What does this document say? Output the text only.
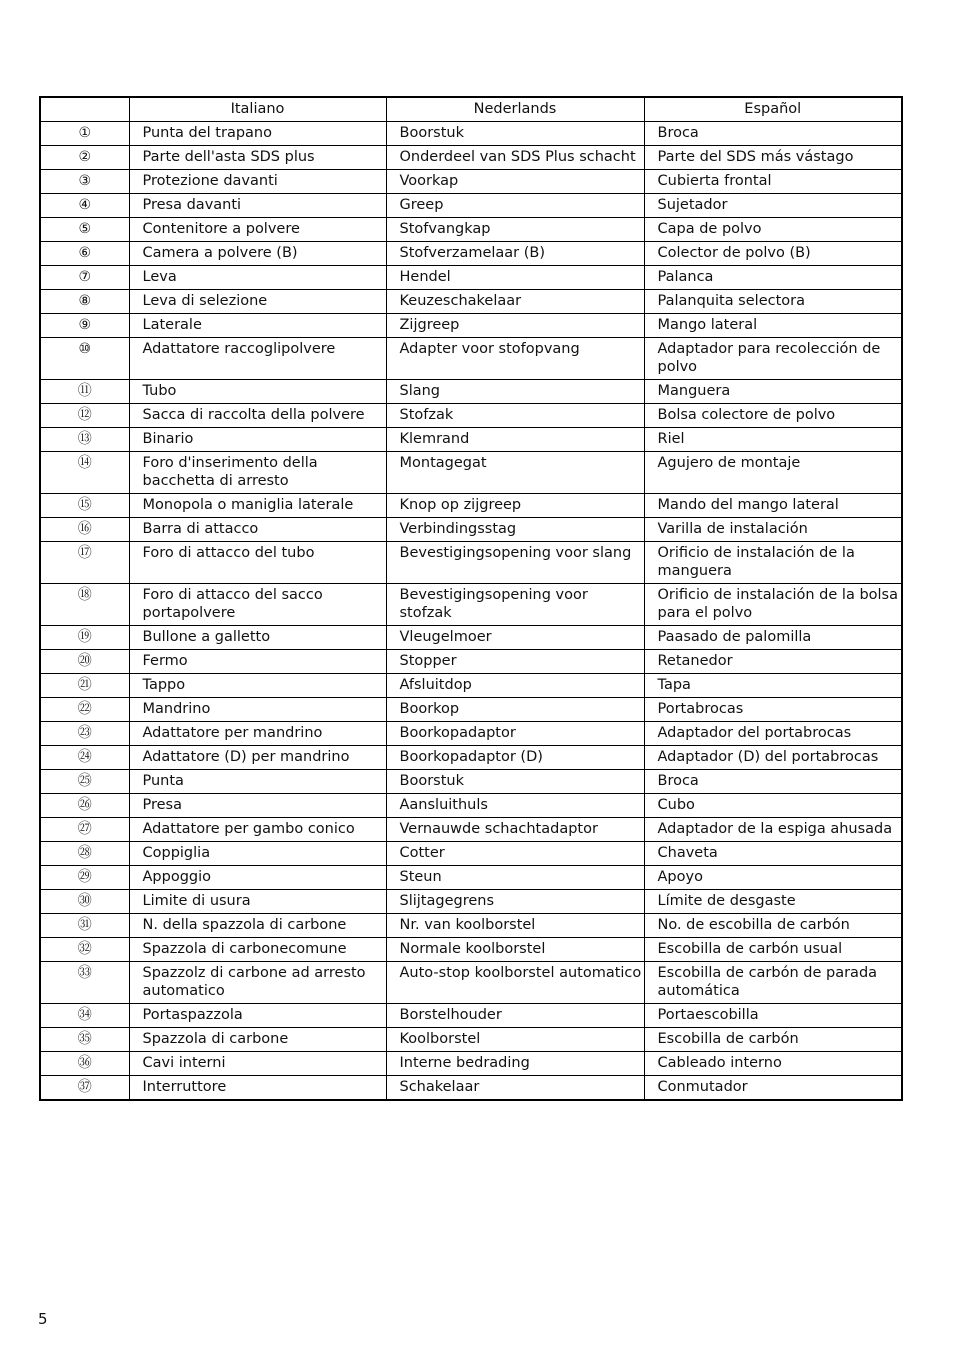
	Italiano	Nederlands	Español
①	Punta del trapano	Boorstuk	Broca
②	Parte dell'asta SDS plus	Onderdeel van SDS Plus schacht	Parte del SDS más vástago
③	Protezione davanti	Voorkap	Cubierta frontal
④	Presa davanti	Greep	Sujetador
⑤	Contenitore a polvere	Stofvangkap	Capa de polvo
⑥	Camera a polvere (B)	Stofverzamelaar (B)	Colector de polvo (B)
⑦	Leva	Hendel	Palanca
⑧	Leva di selezione	Keuzeschakelaar	Palanquita selectora
⑨	Laterale	Zijgreep	Mango lateral
⑩	Adattatore raccoglipolvere	Adapter voor stofopvang	Adaptador para recolección de polvo
⑪	Tubo	Slang	Manguera
⑫	Sacca di raccolta della polvere	Stofzak	Bolsa colectore de polvo
⑬	Binario	Klemrand	Riel
⑭	Foro d'inserimento della bacchetta di arresto	Montagegat	Agujero de montaje
⑮	Monopola o maniglia laterale	Knop op zijgreep	Mando del mango lateral
⑯	Barra di attacco	Verbindingsstag	Varilla de instalación
⑰	Foro di attacco del tubo	Bevestigingsopening voor slang	Orificio de instalación de la manguera
⑱	Foro di attacco del sacco portapolvere	Bevestigingsopening voor stofzak	Orificio de instalación de la bolsa para el polvo
⑲	Bullone a galletto	Vleugelmoer	Paasado de palomilla
⑳	Fermo	Stopper	Retanedor
㉑	Tappo	Afsluitdop	Tapa
㉒	Mandrino	Boorkop	Portabrocas
㉓	Adattatore per mandrino	Boorkopadaptor	Adaptador del portabrocas
㉔	Adattatore (D) per mandrino	Boorkopadaptor (D)	Adaptador (D) del portabrocas
㉕	Punta	Boorstuk	Broca
㉖	Presa	Aansluithuls	Cubo
㉗	Adattatore per gambo conico	Vernauwde schachtadaptor	Adaptador de la espiga ahusada
㉘	Coppiglia	Cotter	Chaveta
㉙	Appoggio	Steun	Apoyo
㉚	Limite di usura	Slijtagegrens	Límite de desgaste
㉛	N. della spazzola di carbone	Nr. van koolborstel	No. de escobilla de carbón
㉜	Spazzola di carbonecomune	Normale koolborstel	Escobilla de carbón usual
㉝	Spazzolz di carbone ad arresto automatico	Auto-stop koolborstel automatico	Escobilla de carbón de parada automática
㉞	Portaspazzola	Borstelhouder	Portaescobilla
㉟	Spazzola di carbone	Koolborstel	Escobilla de carbón
㊱	Cavi interni	Interne bedrading	Cableado interno
㊲	Interruttore	Schakelaar	Conmutador
5
